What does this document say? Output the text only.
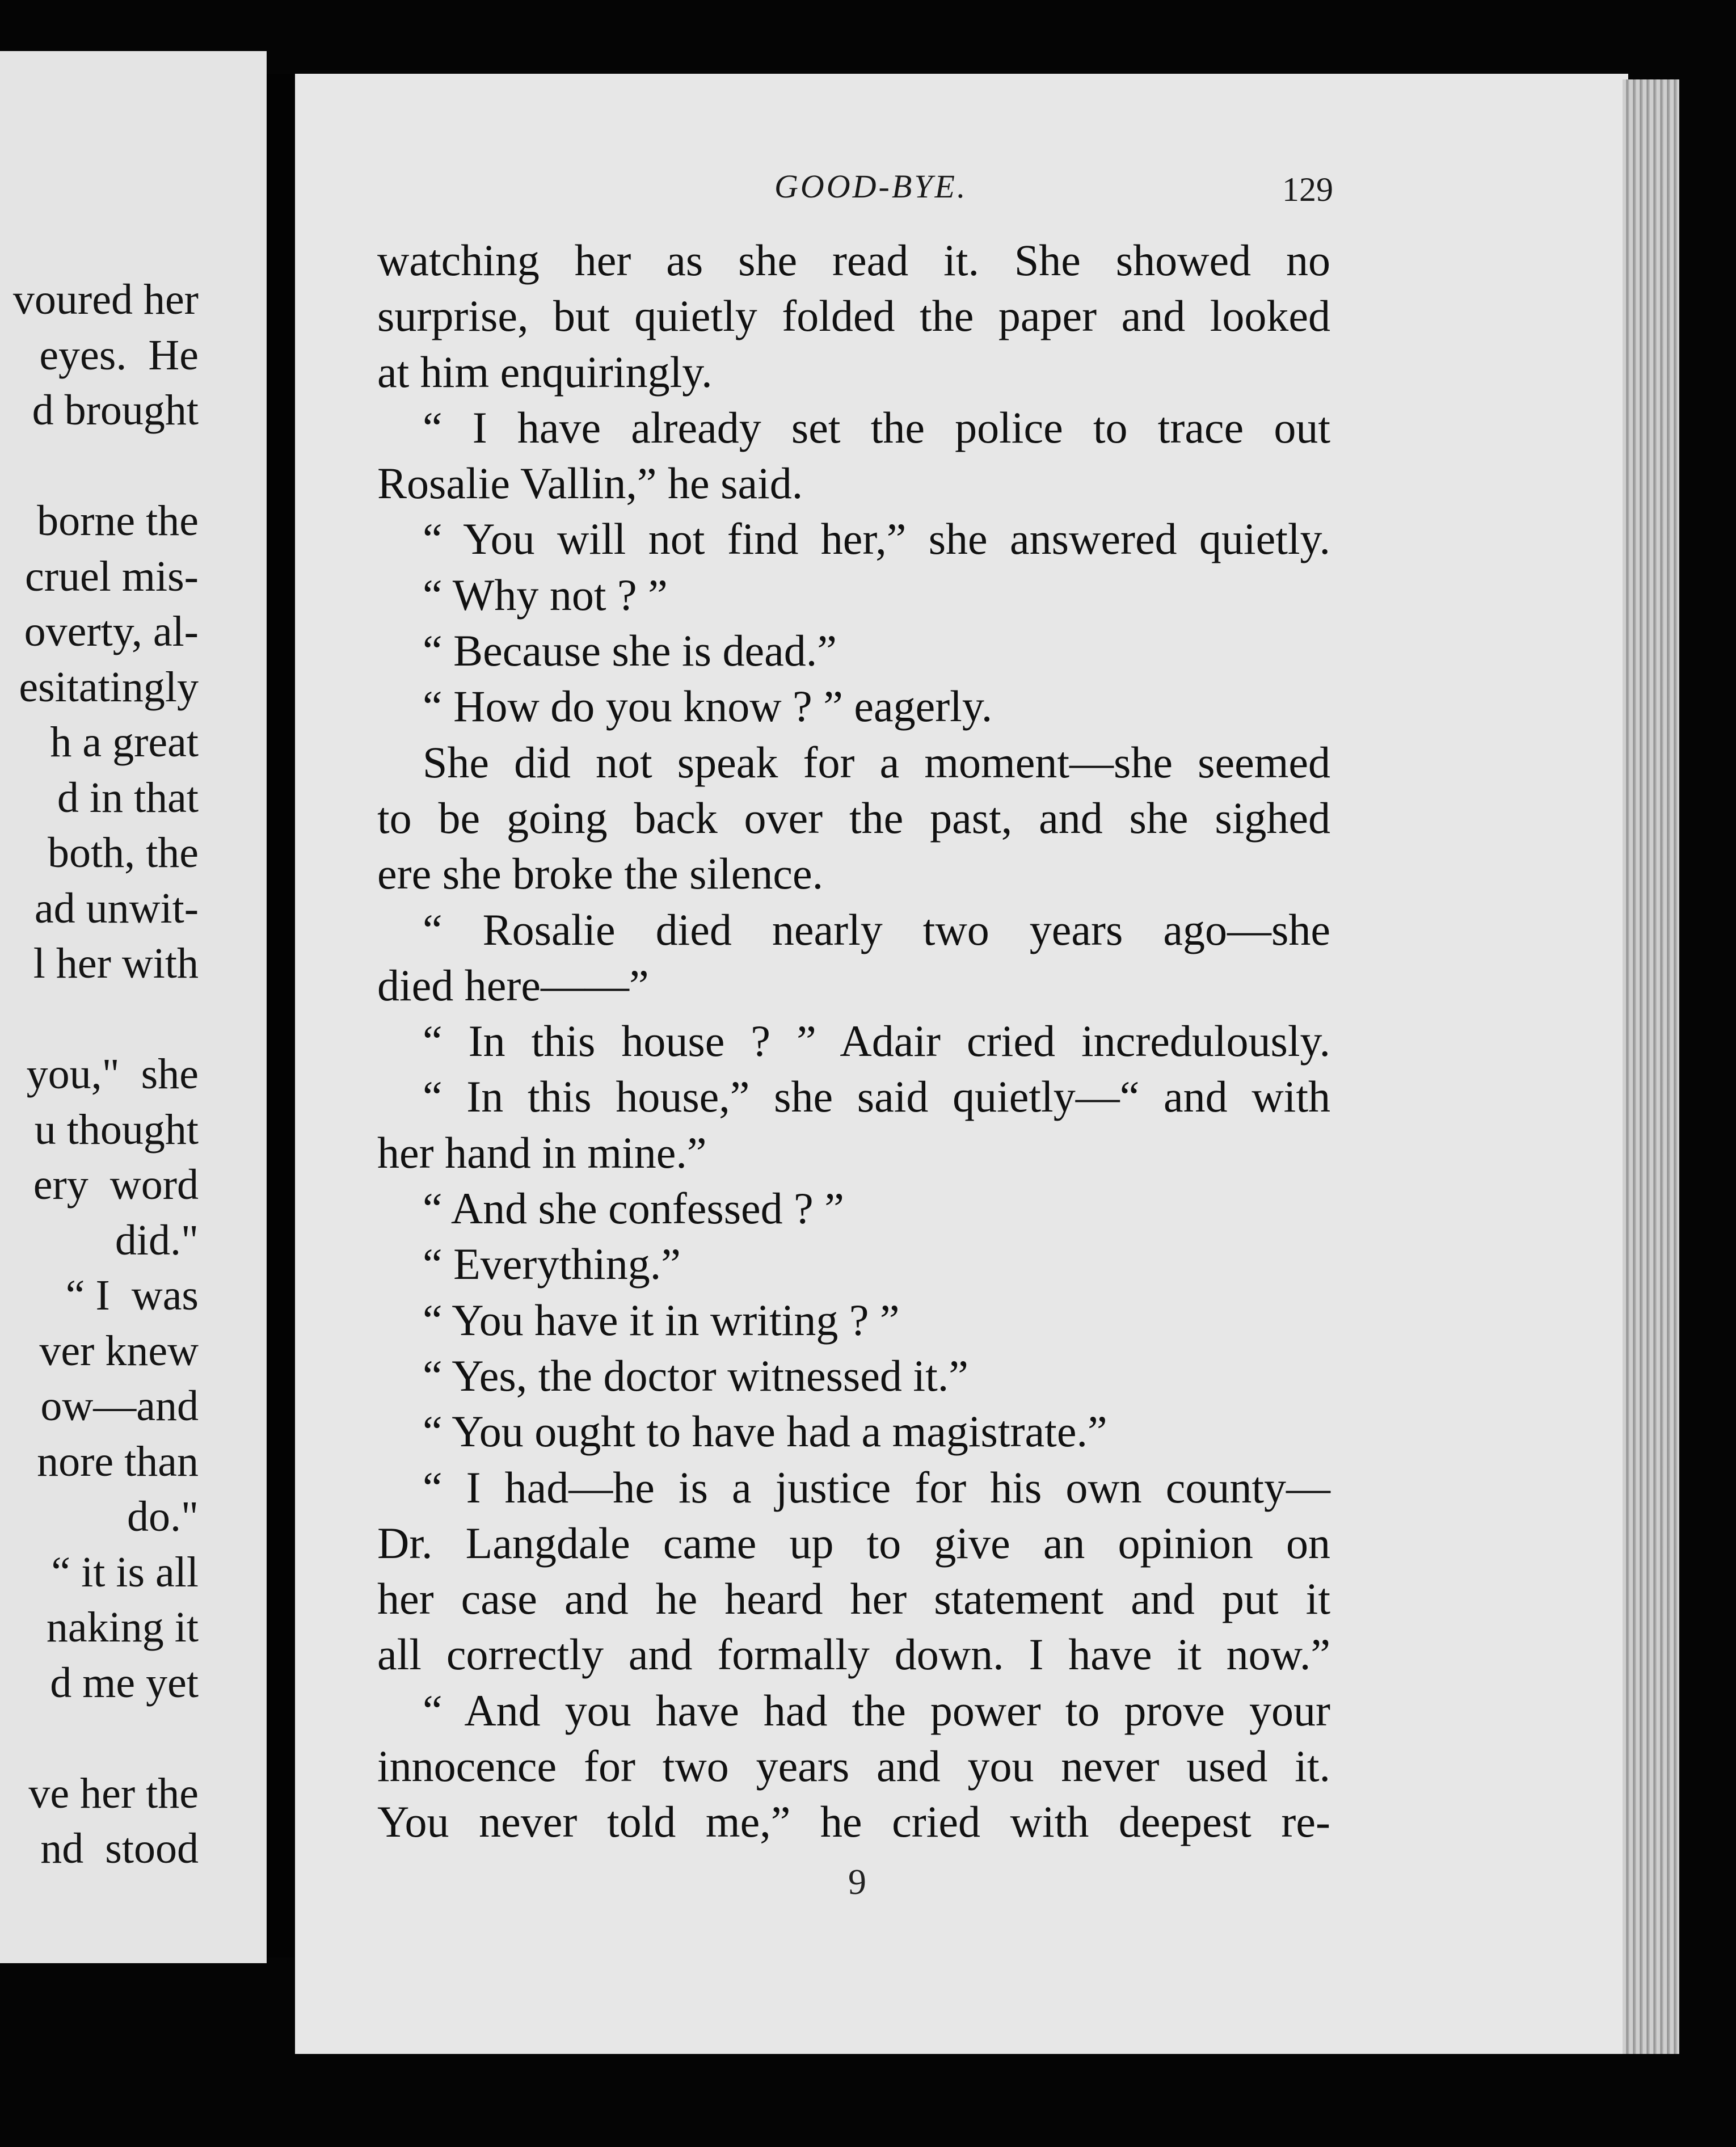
voured her
eyes.  He
d brought
borne the
cruel mis-
overty, al-
esitatingly
h a great
d in that
both, the
ad unwit-
l her with
you,"  she
u thought
ery  word
did."
“ I  was
ver knew
ow—and
nore than
do."
“ it is all
naking it
d me yet
ve her the
nd  stood
GOOD-BYE.	129
watching her as she read it. She showed no
surprise, but quietly folded the paper and looked
at him enquiringly.
“ I have already set the police to trace out
Rosalie Vallin,” he said.
“ You will not find her,” she answered quietly.
“ Why not ? ”
“ Because she is dead.”
“ How do you know ? ” eagerly.
She did not speak for a moment—she seemed
to be going back over the past, and she sighed
ere she broke the silence.
“ Rosalie died nearly two years ago—she
died here——”
“ In this house ? ” Adair cried incredulously.
“ In this house,” she said quietly—“ and with
her hand in mine.”
“ And she confessed ? ”
“ Everything.”
“ You have it in writing ? ”
“ Yes, the doctor witnessed it.”
“ You ought to have had a magistrate.”
“ I had—he is a justice for his own county—
Dr. Langdale came up to give an opinion on
her case and he heard her statement and put it
all correctly and formally down. I have it now.”
“ And you have had the power to prove your
innocence for two years and you never used it.
You never told me,” he cried with deepest re-
9
